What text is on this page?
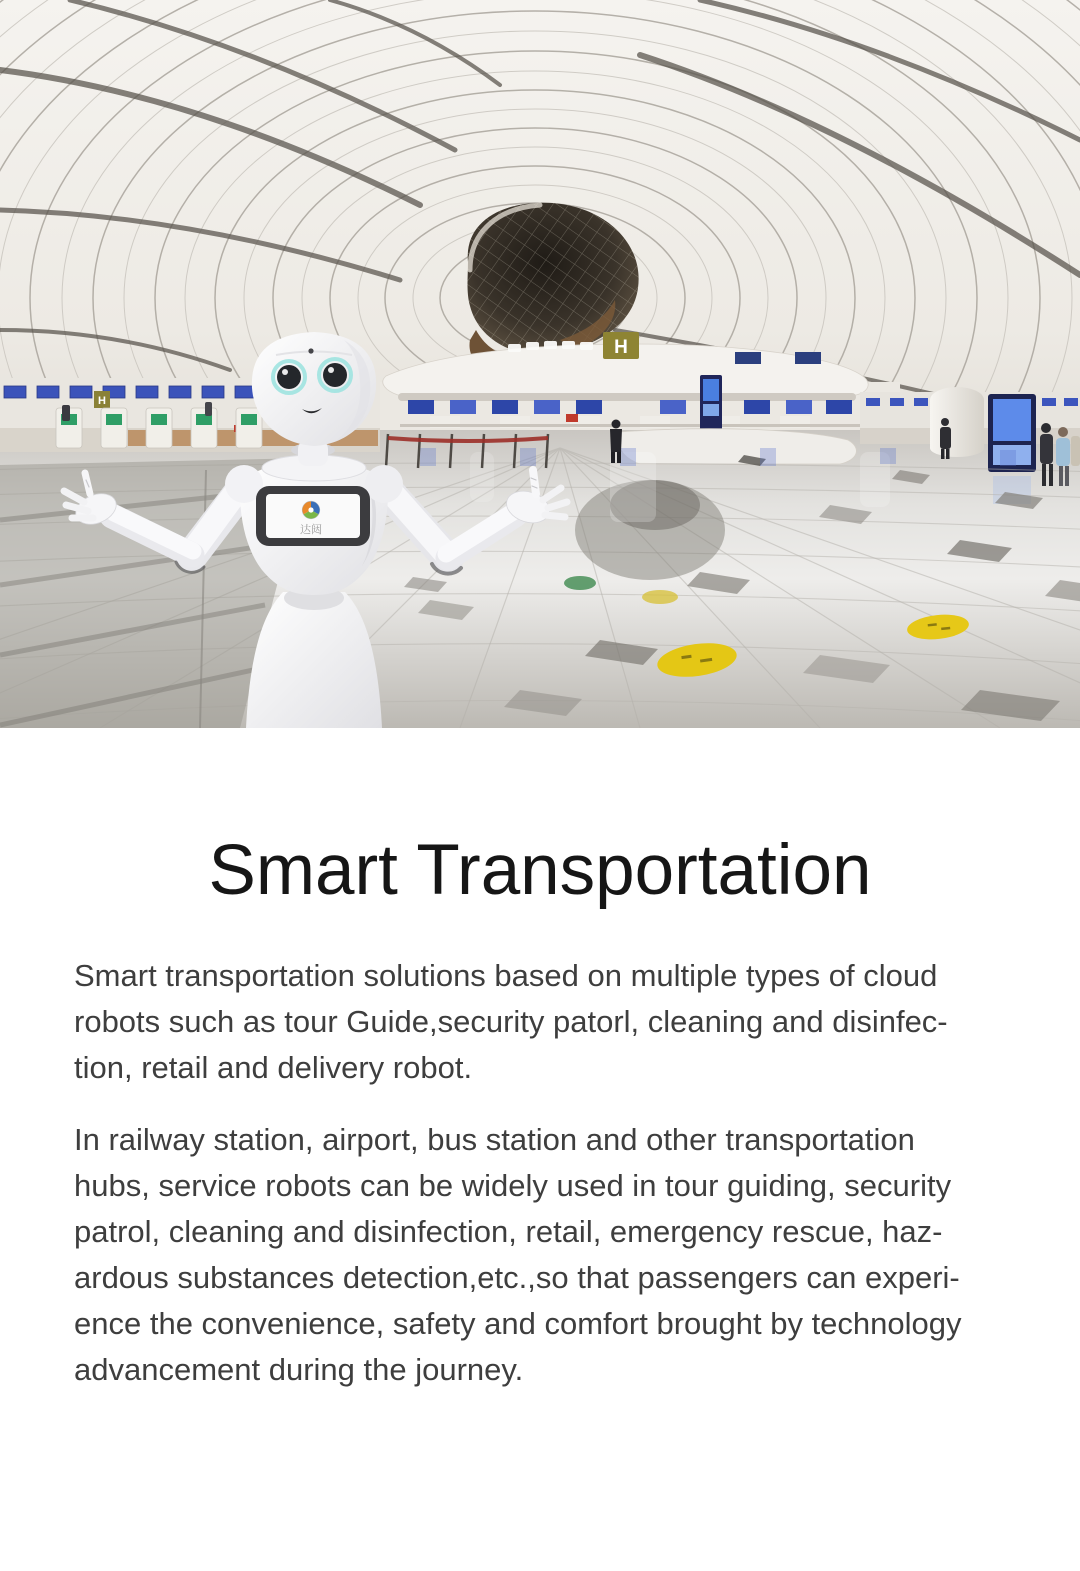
H
H
达闼
Smart Transportation
Smart transportation solutions based on multiple types of cloud
robots such as tour Guide,security patorl, cleaning and disinfec-
tion, retail and delivery robot.
In railway station, airport, bus station and other transportation
hubs, service robots can be widely used in tour guiding, security
patrol, cleaning and disinfection, retail, emergency rescue, haz-
ardous substances detection,etc.,so that passengers can experi-
ence the convenience, safety and comfort brought by technology
advancement during the journey.
